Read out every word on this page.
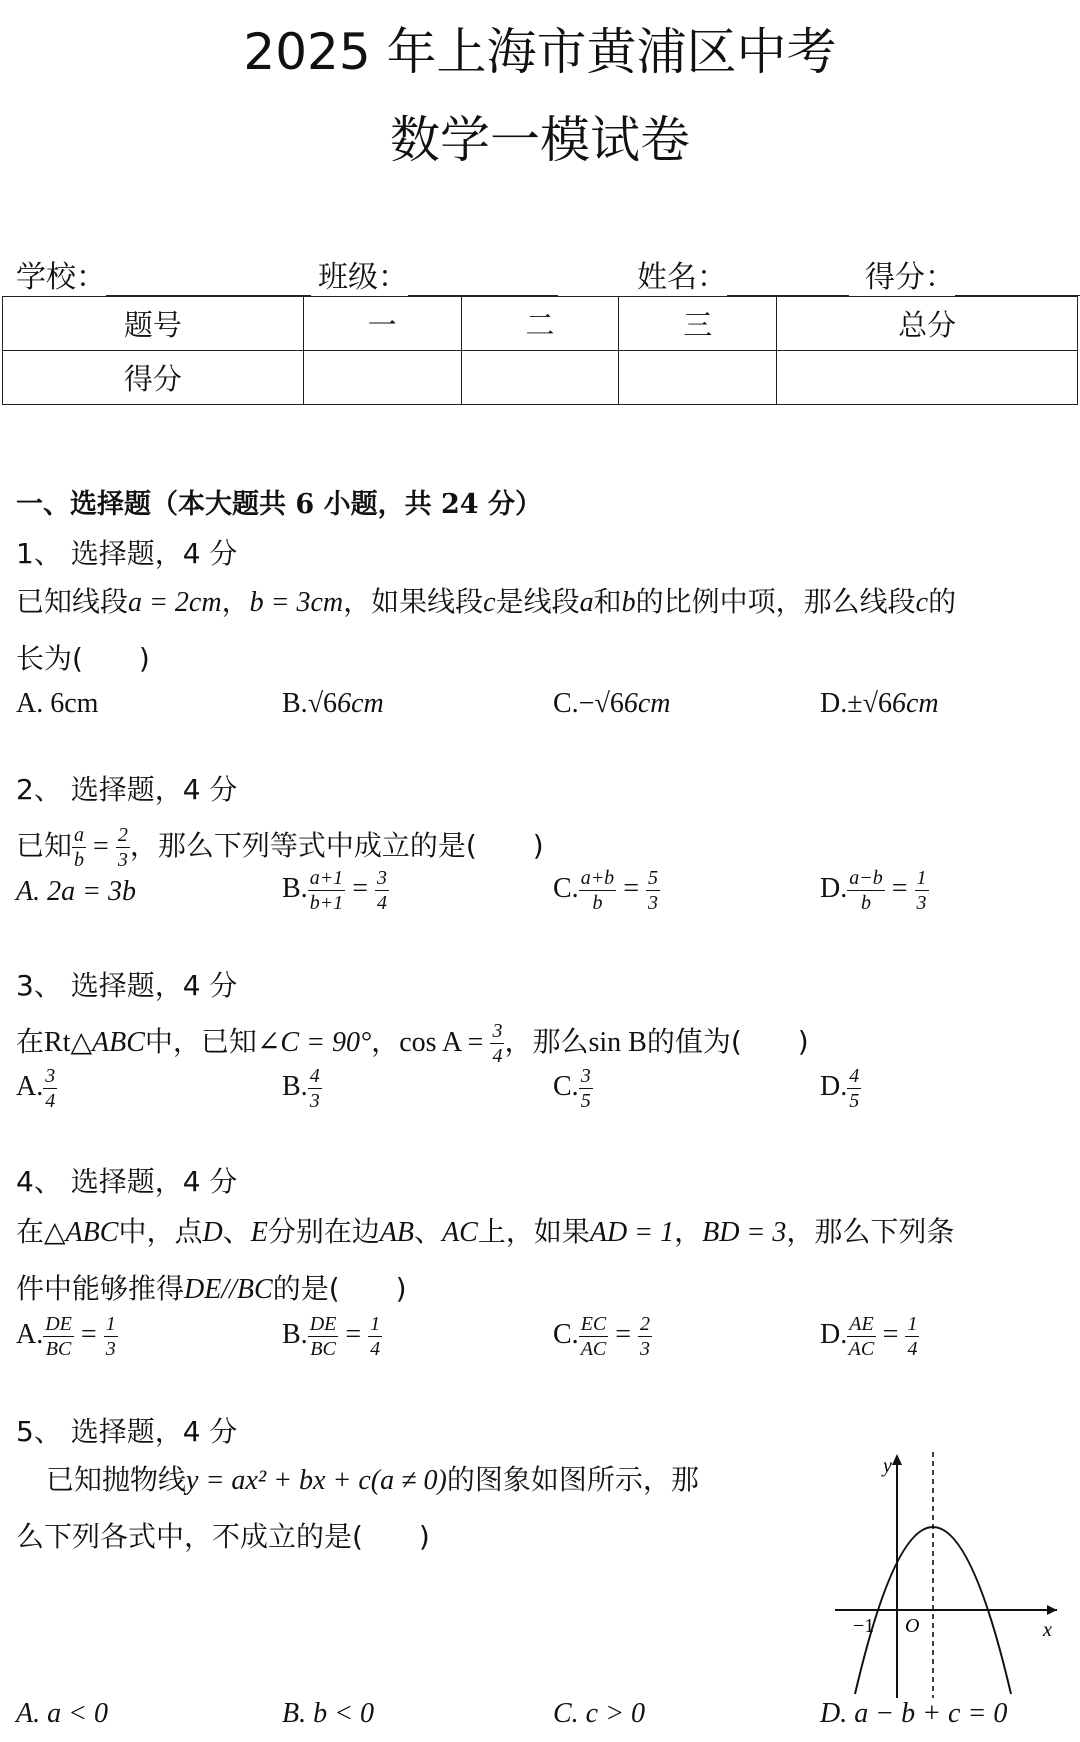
2025 年上海市黄浦区中考
数学一模试卷
学校：	班级：	姓名：	得分：
题号	一	二	三	总分
得分				
一、选择题（本大题共 6 小题，共 24 分）
1、 选择题，4 分
已知线段a = 2cm，b = 3cm，如果线段c是线段a和b的比例中项，那么线段c的
长为(　　)
A. 6cm	B.√66cm	C.−√66cm	D.±√66cm
2、 选择题，4 分
已知 $\frac{a}{b} = \frac{2}{3}$ ，那么下列等式中成立的是(　　)
A. 2a = 3b	B. $\frac{a+1}{b+1} = \frac{3}{4}$	C. $\frac{a+b}{b} = \frac{5}{3}$	D. $\frac{a-b}{b} = \frac{1}{3}$
3、 选择题，4 分
在Rt△ABC中，已知∠C = 90°，$\cos A = \frac{3}{4}$ ，那么sin B的值为(　　)
A. $\frac{3}{4}$	B. $\frac{4}{3}$	C. $\frac{3}{5}$	D. $\frac{4}{5}$
4、 选择题，4 分
在△ABC中，点D、E分别在边AB、AC上，如果AD = 1，BD = 3，那么下列条
件中能够推得DE//BC的是(　　)
A. $\frac{DE}{BC} = \frac{1}{3}$	B. $\frac{DE}{BC} = \frac{1}{4}$	C. $\frac{EC}{AC} = \frac{2}{3}$	D. $\frac{AE}{AC} = \frac{1}{4}$
5、 选择题，4 分
已知抛物线y = ax² + bx + c(a ≠ 0)的图象如图所示，那
么下列各式中，不成立的是(　　)
y
x
O
−1
A. a < 0	B. b < 0	C. c > 0	D. a − b + c = 0
